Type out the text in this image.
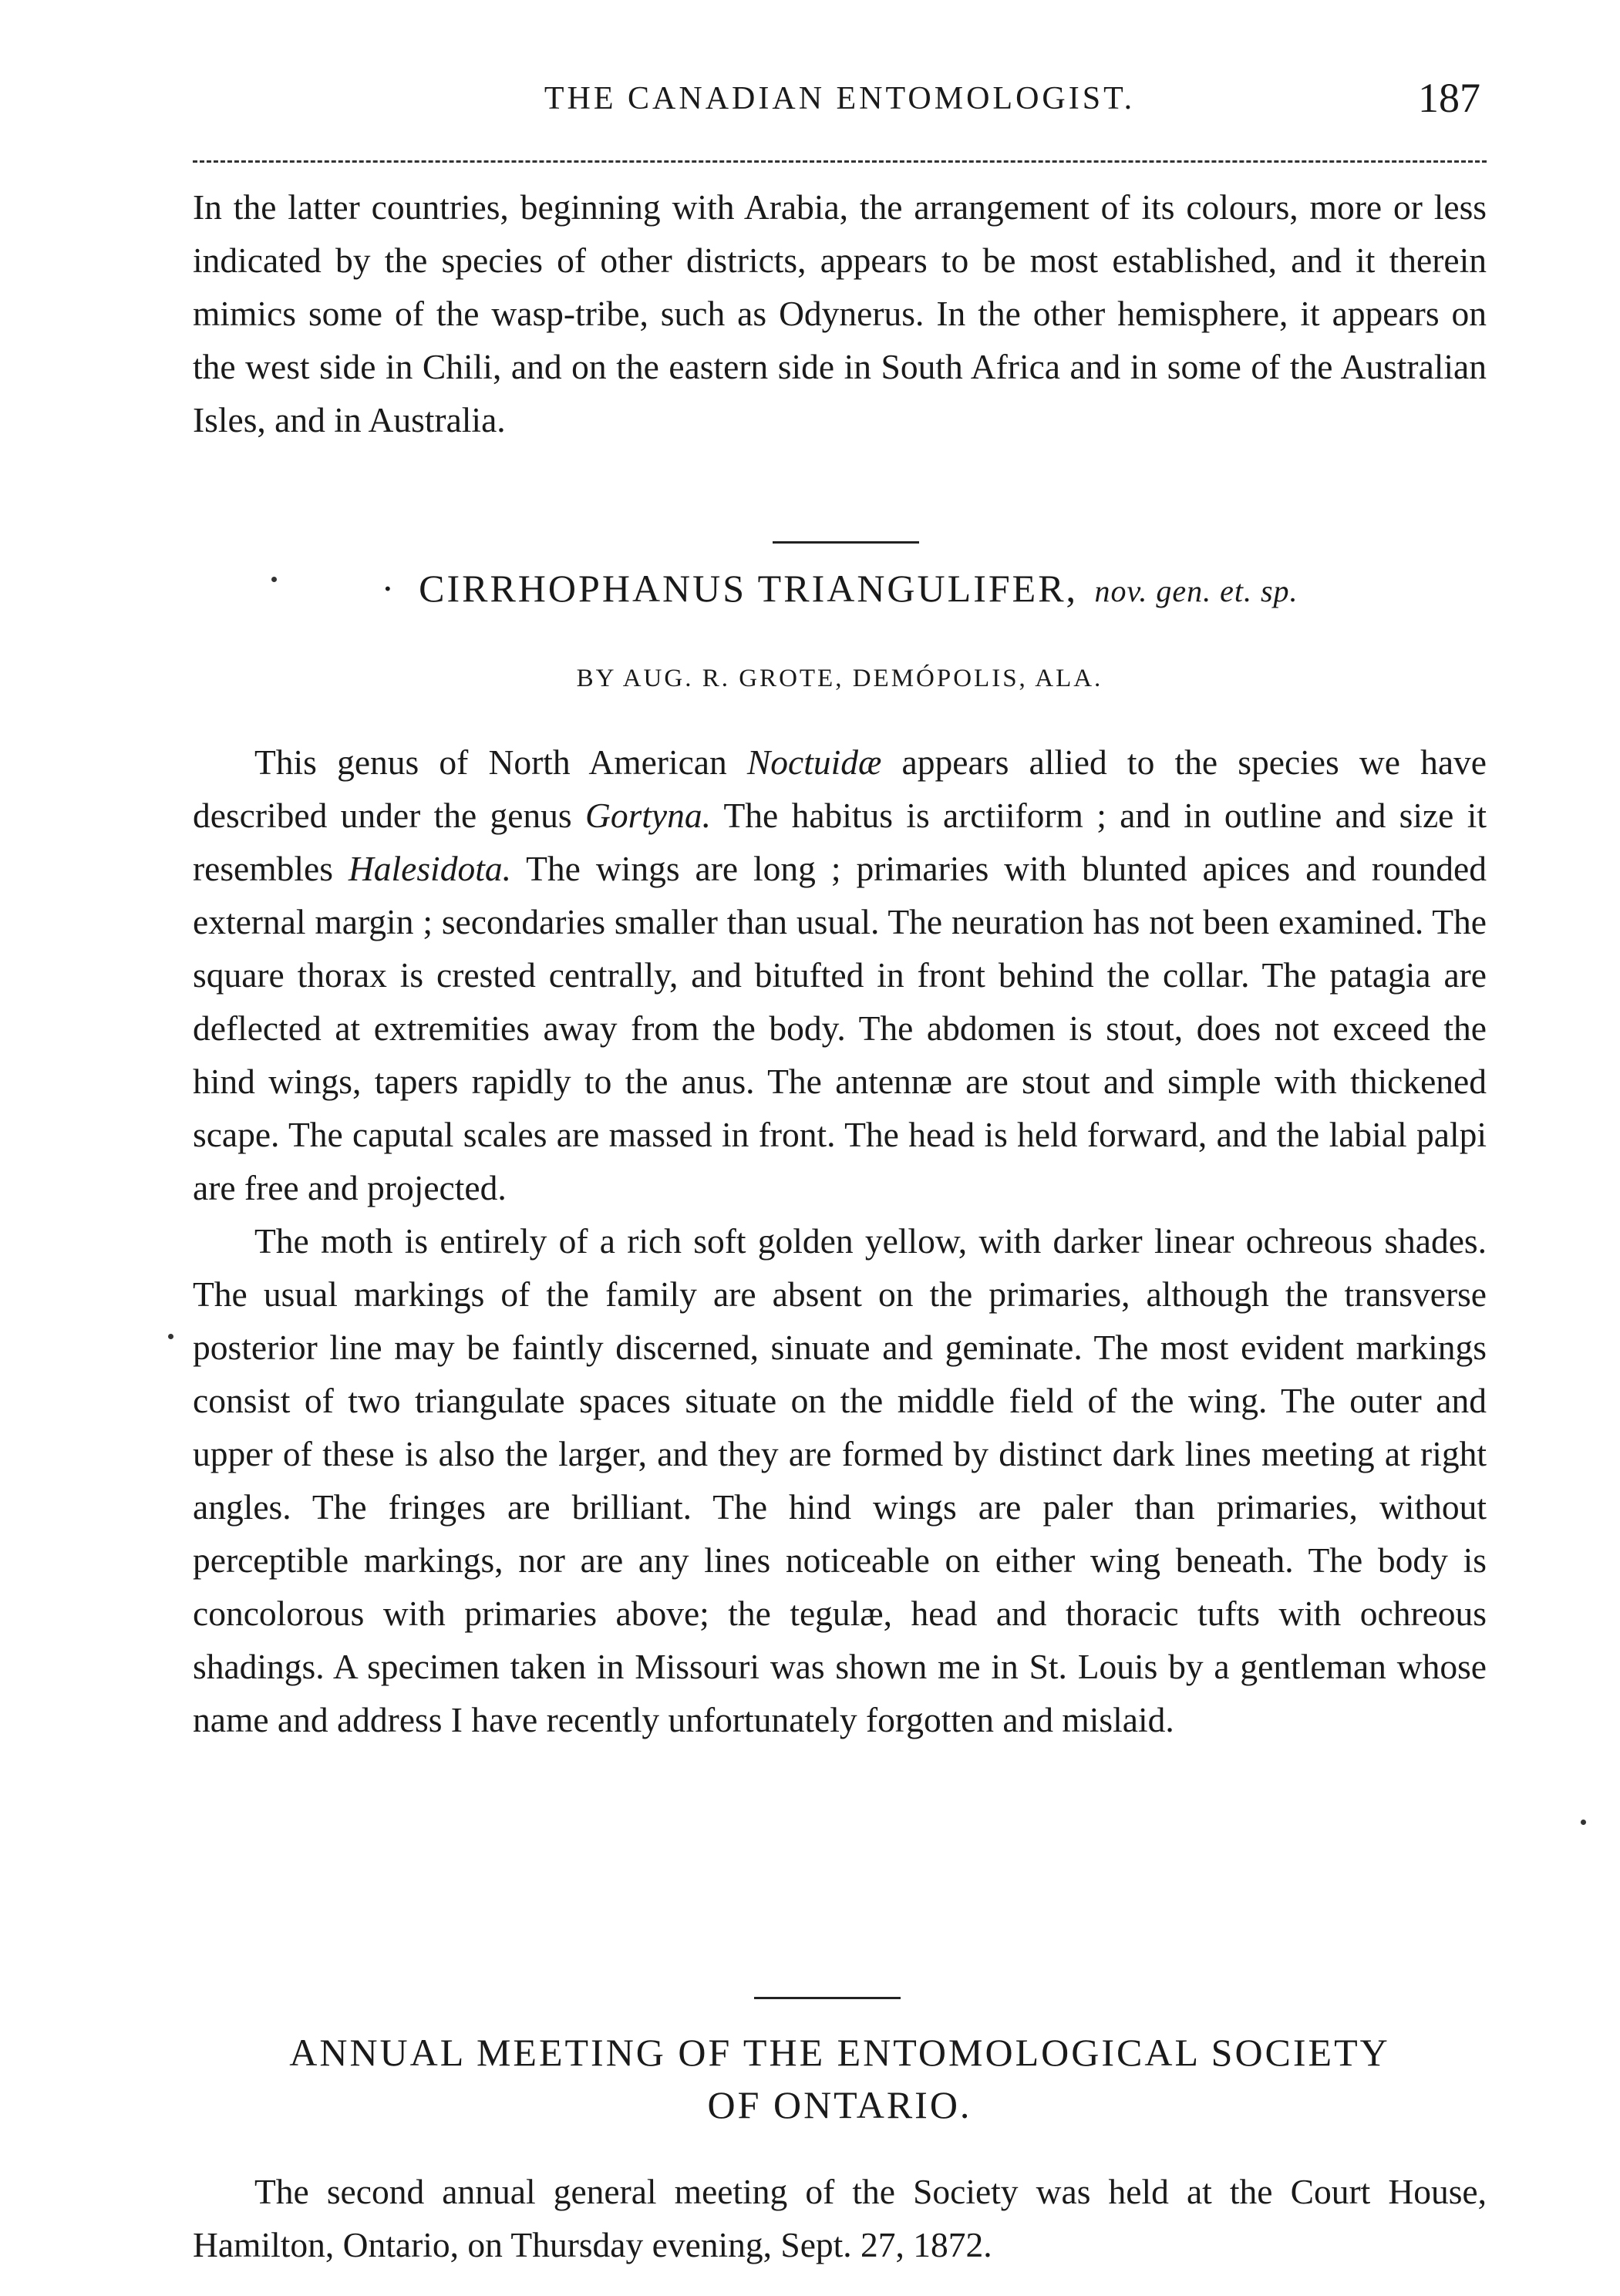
THE CANADIAN ENTOMOLOGIST.	187

In the latter countries, beginning with Arabia, the arrangement of its colours, more or less indicated by the species of other districts, appears to be most established, and it therein mimics some of the wasp-tribe, such as Odynerus. In the other hemisphere, it appears on the west side in Chili, and on the eastern side in South Africa and in some of the Australian Isles, and in Australia.

· CIRRHOPHANUS TRIANGULIFER, nov. gen. et. sp.
BY AUG. R. GROTE, DEMÓPOLIS, ALA.

This genus of North American Noctuidæ appears allied to the species we have described under the genus Gortyna. The habitus is arctiiform ; and in outline and size it resembles Halesidota. The wings are long ; primaries with blunted apices and rounded external margin ; secondaries smaller than usual. The neuration has not been examined. The square thorax is crested centrally, and bitufted in front behind the collar. The patagia are deflected at extremities away from the body. The abdomen is stout, does not exceed the hind wings, tapers rapidly to the anus. The antennæ are stout and simple with thickened scape. The caputal scales are massed in front. The head is held forward, and the labial palpi are free and projected.

The moth is entirely of a rich soft golden yellow, with darker linear ochreous shades. The usual markings of the family are absent on the primaries, although the transverse posterior line may be faintly discerned, sinuate and geminate. The most evident markings consist of two triangulate spaces situate on the middle field of the wing. The outer and upper of these is also the larger, and they are formed by distinct dark lines meeting at right angles. The fringes are brilliant. The hind wings are paler than primaries, without perceptible markings, nor are any lines noticeable on either wing beneath. The body is concolorous with primaries above; the tegulæ, head and thoracic tufts with ochreous shadings. A specimen taken in Missouri was shown me in St. Louis by a gentleman whose name and address I have recently unfortunately forgotten and mislaid.

ANNUAL MEETING OF THE ENTOMOLOGICAL SOCIETY
OF ONTARIO.

The second annual general meeting of the Society was held at the Court House, Hamilton, Ontario, on Thursday evening, Sept. 27, 1872.
